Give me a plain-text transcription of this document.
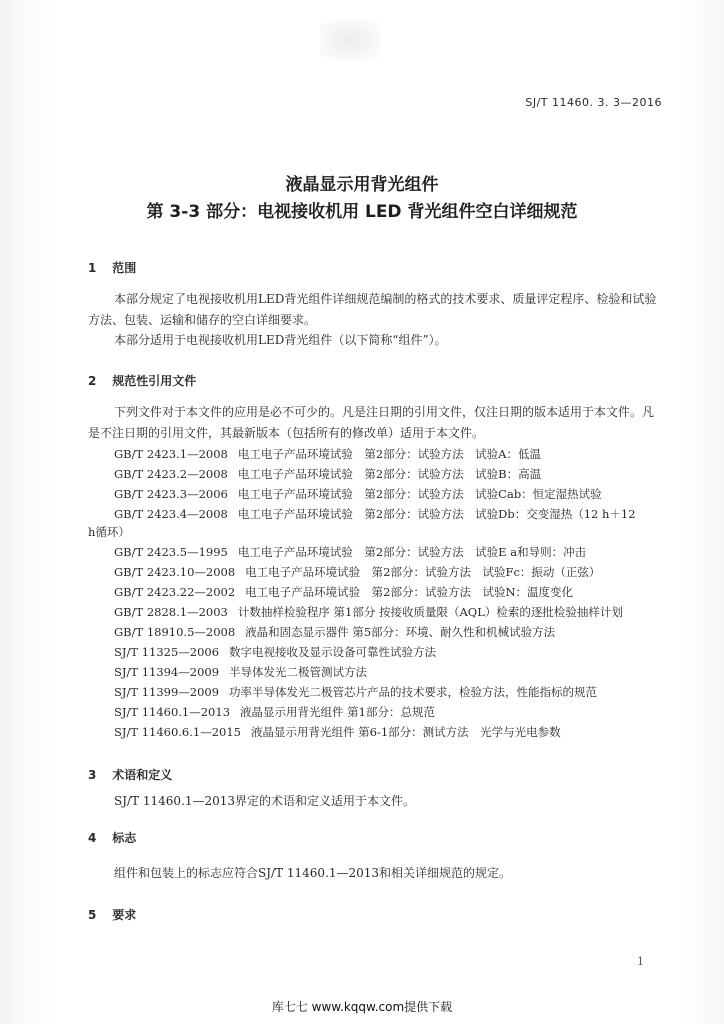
SJ/T 11460. 3. 3—2016
液晶显示用背光组件
第 3-3 部分：电视接收机用 LED 背光组件空白详细规范
1 范围
本部分规定了电视接收机用LED背光组件详细规范编制的格式的技术要求、质量评定程序、检验和试验方法、包装、运输和储存的空白详细要求。
本部分适用于电视接收机用LED背光组件（以下简称“组件”）。
2 规范性引用文件
下列文件对于本文件的应用是必不可少的。凡是注日期的引用文件，仅注日期的版本适用于本文件。凡是不注日期的引用文件，其最新版本（包括所有的修改单）适用于本文件。
GB/T 2423.1—2008 电工电子产品环境试验　第2部分：试验方法　试验A：低温
GB/T 2423.2—2008 电工电子产品环境试验　第2部分：试验方法　试验B：高温
GB/T 2423.3—2006 电工电子产品环境试验　第2部分：试验方法　试验Cab：恒定湿热试验
GB/T 2423.4—2008 电工电子产品环境试验　第2部分：试验方法　试验Db：交变湿热（12 h＋12
h循环）
GB/T 2423.5—1995 电工电子产品环境试验　第2部分：试验方法　试验E a和导则：冲击
GB/T 2423.10—2008 电工电子产品环境试验　第2部分：试验方法　试验Fc：振动（正弦）
GB/T 2423.22—2002 电工电子产品环境试验　第2部分：试验方法　试验N：温度变化
GB/T 2828.1—2003 计数抽样检验程序 第1部分 按接收质量限（AQL）检索的逐批检验抽样计划
GB/T 18910.5—2008 液晶和固态显示器件 第5部分：环境、耐久性和机械试验方法
SJ/T 11325—2006 数字电视接收及显示设备可靠性试验方法
SJ/T 11394—2009 半导体发光二极管测试方法
SJ/T 11399—2009 功率半导体发光二极管芯片产品的技术要求，检验方法，性能指标的规范
SJ/T 11460.1—2013 液晶显示用背光组件 第1部分：总规范
SJ/T 11460.6.1—2015 液晶显示用背光组件 第6-1部分：测试方法　光学与光电参数
3 术语和定义
SJ/T 11460.1—2013界定的术语和定义适用于本文件。
4 标志
组件和包装上的标志应符合SJ/T 11460.1—2013和相关详细规范的规定。
5 要求
1
库七七 www.kqqw.com提供下载
